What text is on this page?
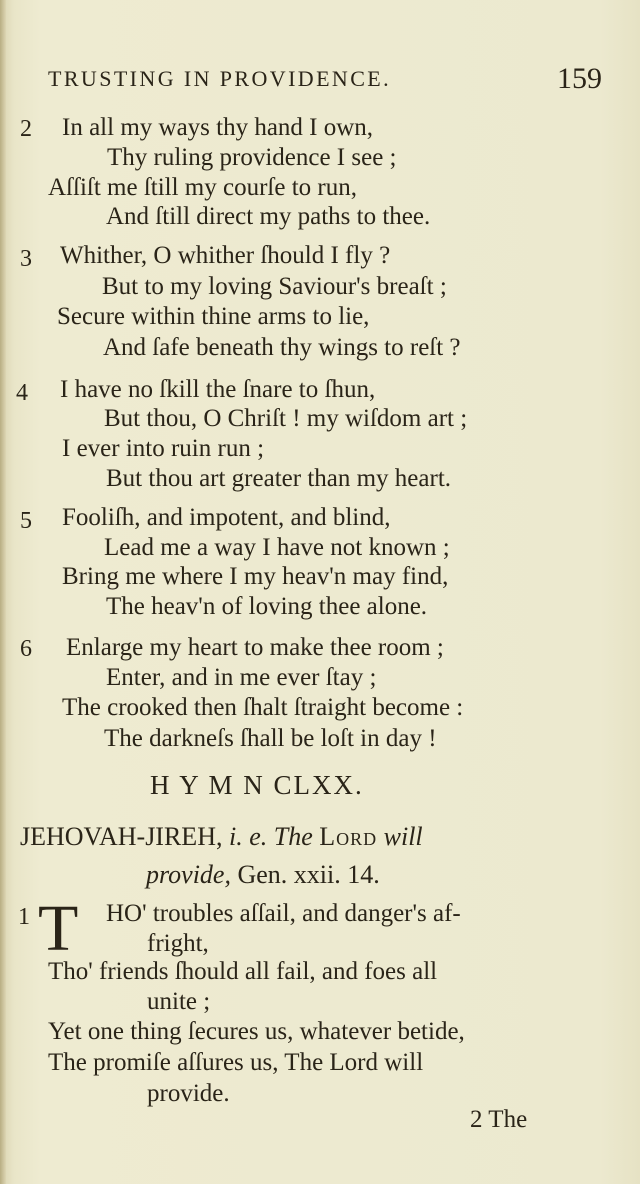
TRUSTING IN PROVIDENCE.	159
2 In all my ways thy hand I own,
Thy ruling providence I see ;
Aſſiſt me ſtill my courſe to run,
And ſtill direct my paths to thee.
3 Whither, O whither ſhould I fly ?
But to my loving Saviour's breaſt ;
Secure within thine arms to lie,
And ſafe beneath thy wings to reſt ?
4 I have no ſkill the ſnare to ſhun,
But thou, O Chriſt ! my wiſdom art ;
I ever into ruin run ;
But thou art greater than my heart.
5 Fooliſh, and impotent, and blind,
Lead me a way I have not known ;
Bring me where I my heav'n may find,
The heav'n of loving thee alone.
6 Enlarge my heart to make thee room ;
Enter, and in me ever ſtay ;
The crooked then ſhalt ſtraight become :
The darkneſs ſhall be loſt in day !
H Y M N CLXX.
JEHOVAH-JIREH, i. e. The Lord will
provide, Gen. xxii. 14.
1 T HO' troubles aſſail, and danger's af-
fright,
Tho' friends ſhould all fail, and foes all
unite ;
Yet one thing ſecures us, whatever betide,
The promiſe aſſures us, The Lord will
provide.
2 The
